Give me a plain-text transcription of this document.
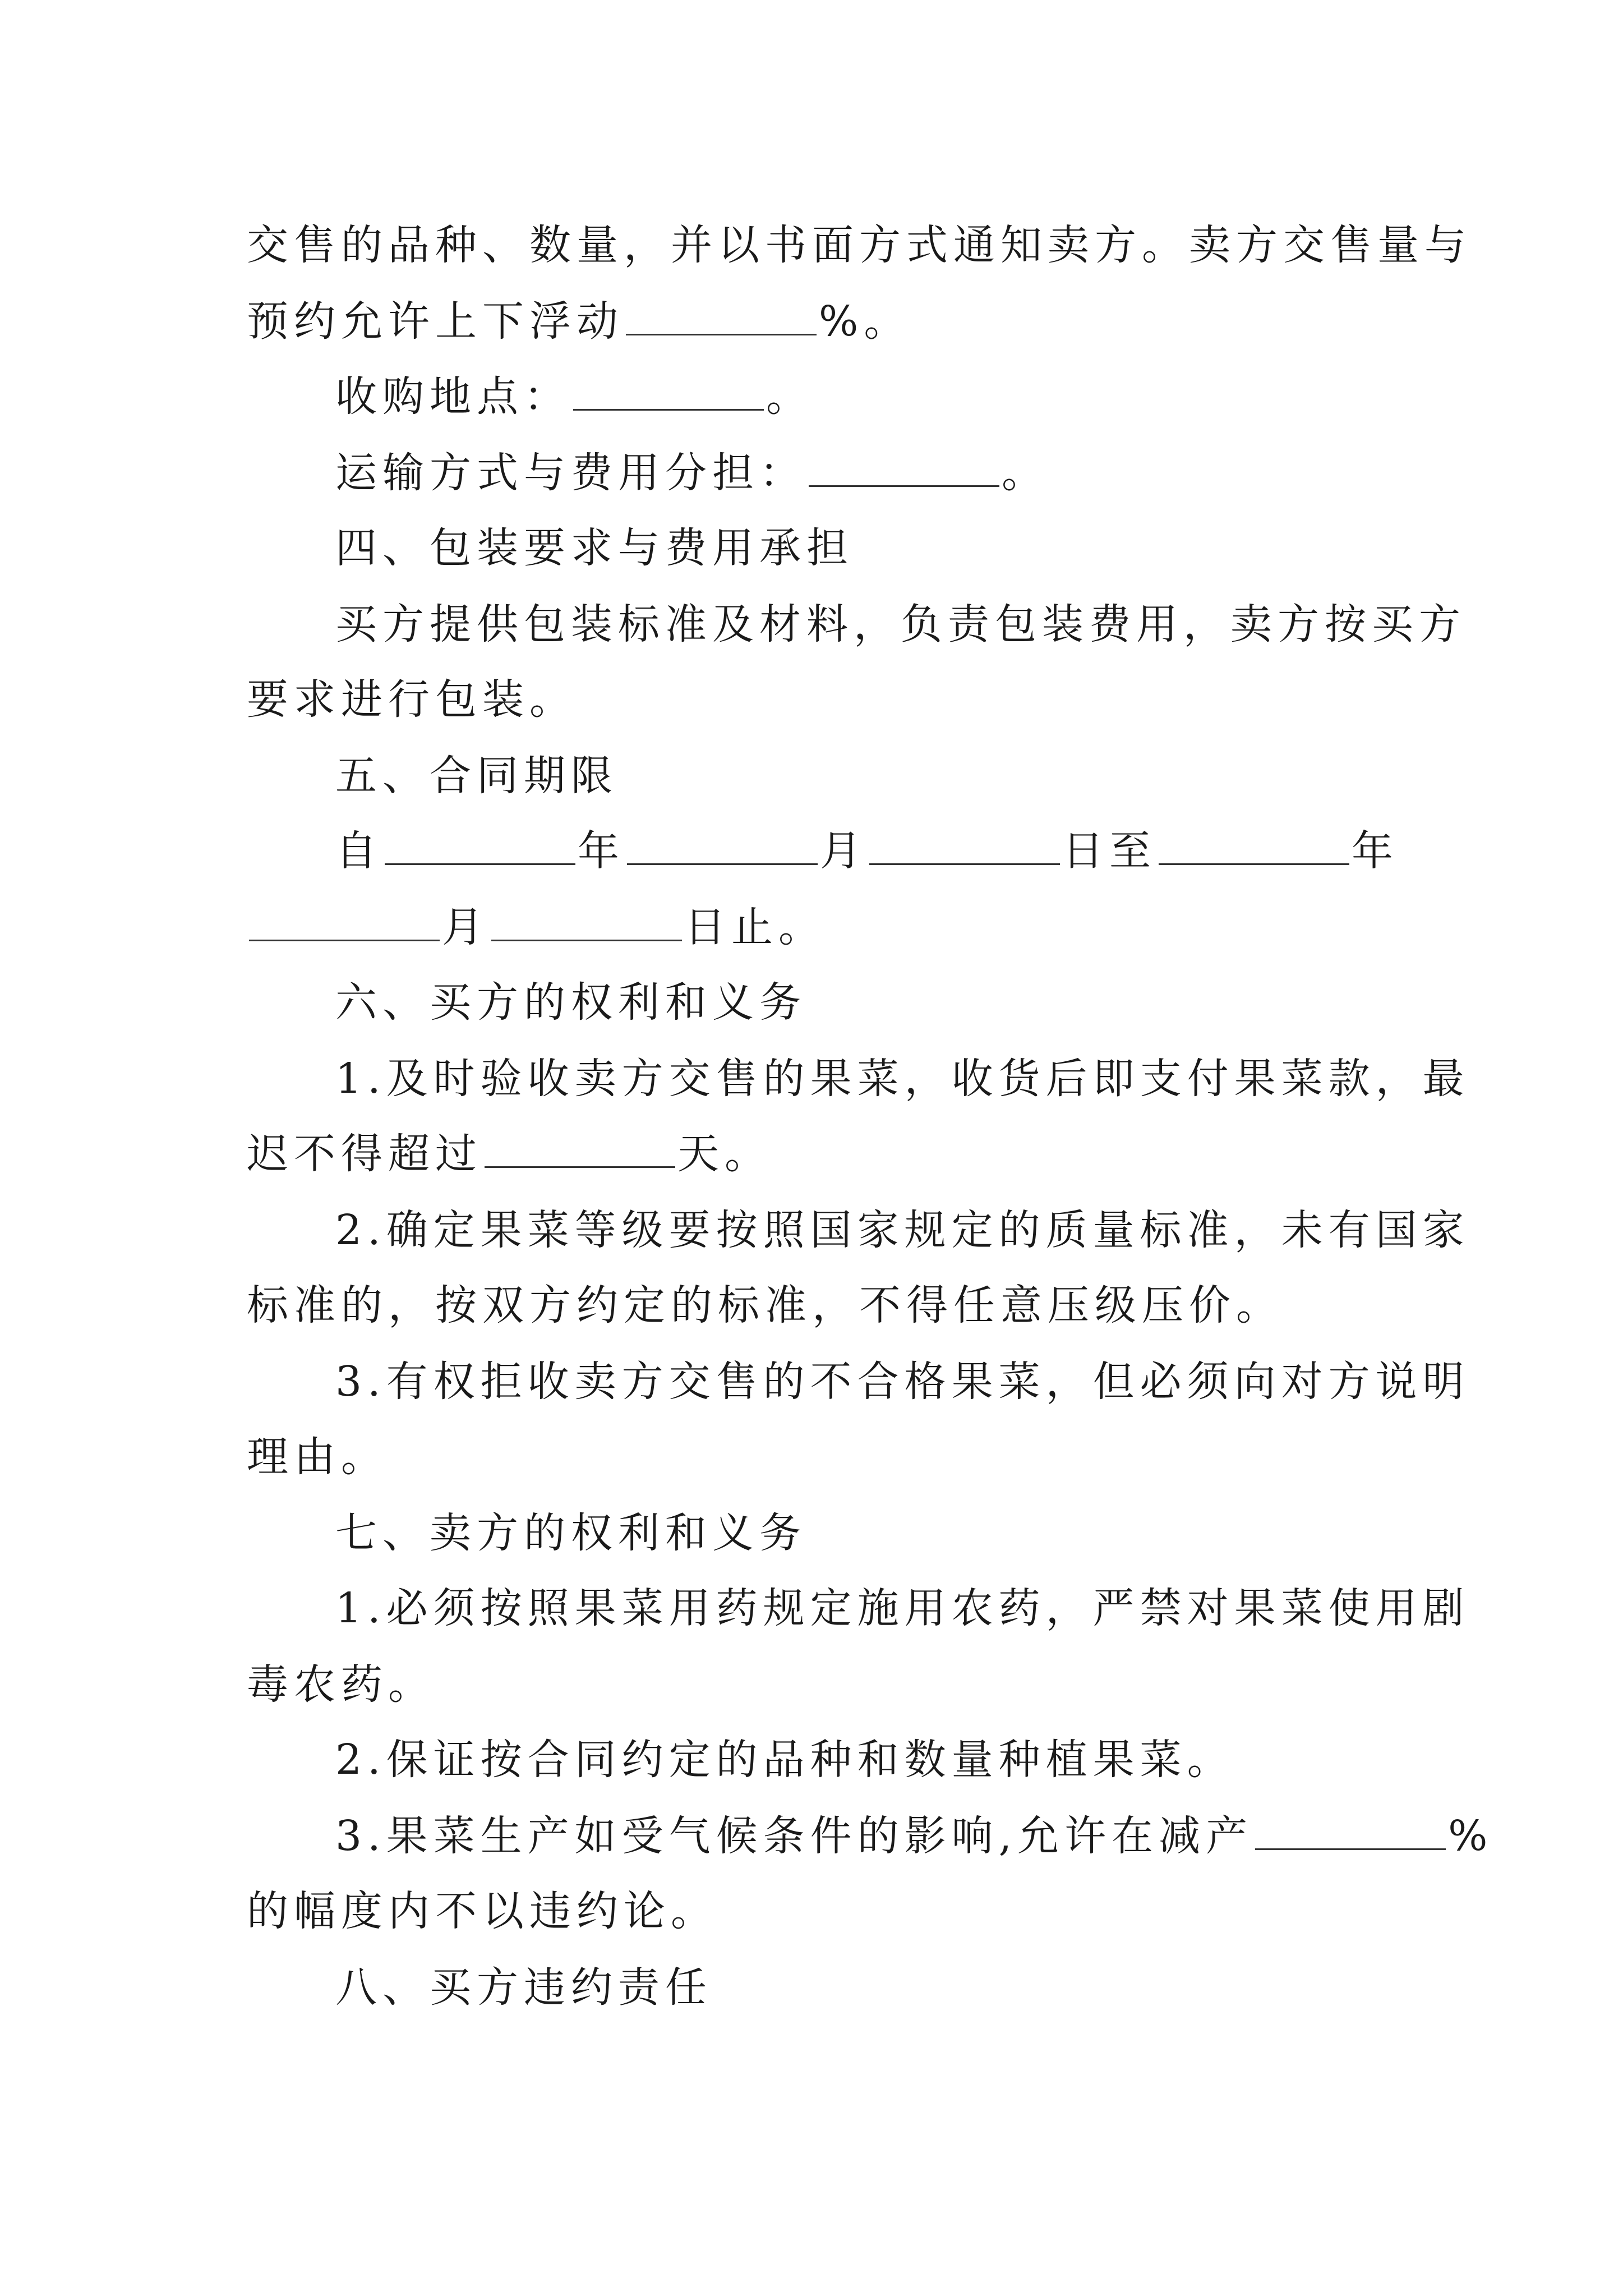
交售的品种、数量，并以书面方式通知卖方。卖方交售量与
预约允许上下浮动	%。
收购地点：	。
运输方式与费用分担：	。
四、包装要求与费用承担
买方提供包装标准及材料，负责包装费用，卖方按买方
要求进行包装。
五、合同期限
自	年	月	日至	年
月	日止。
六、买方的权利和义务
1.及时验收卖方交售的果菜，收货后即支付果菜款，最
迟不得超过	天。
2.确定果菜等级要按照国家规定的质量标准，未有国家
标准的，按双方约定的标准，不得任意压级压价。
3.有权拒收卖方交售的不合格果菜，但必须向对方说明
理由。
七、卖方的权利和义务
1.必须按照果菜用药规定施用农药，严禁对果菜使用剧
毒农药。
2.保证按合同约定的品种和数量种植果菜。
3.果菜生产如受气候条件的影响,允许在减产	%
的幅度内不以违约论。
八、买方违约责任
